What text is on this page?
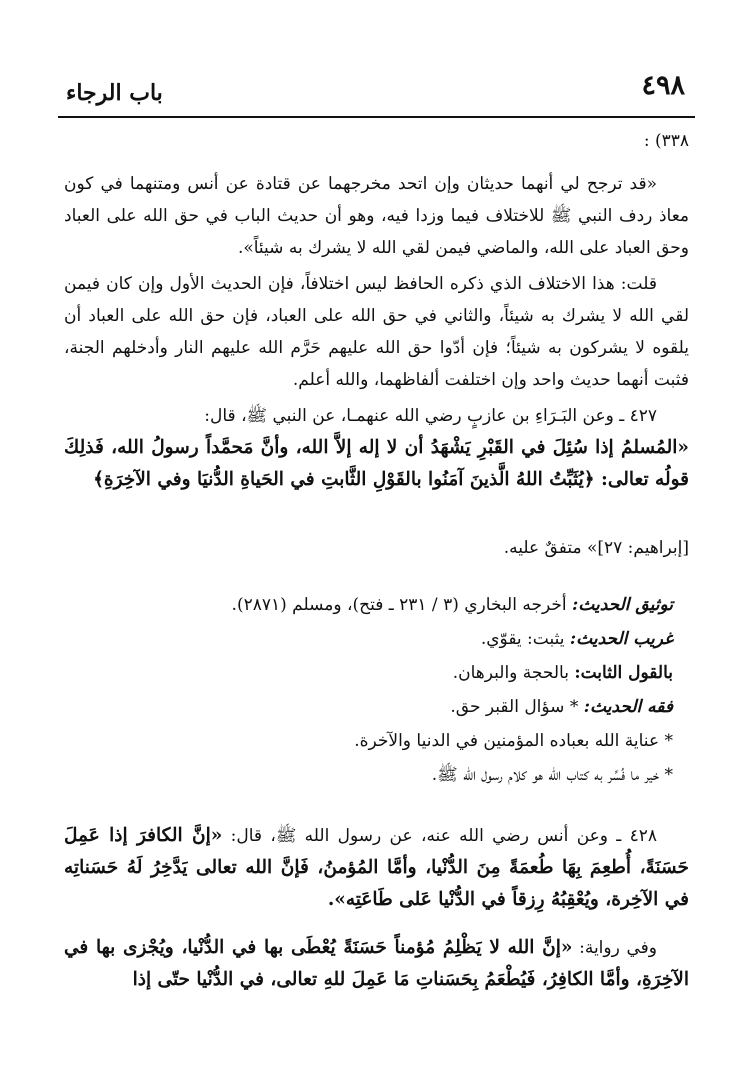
٤٩٨
باب الرجاء
٣٣٨) :
«قد ترجح لي أنهما حديثان وإن اتحد مخرجهما عن قتادة عن أنس ومتنهما في كون معاذ ردف النبي ﷺ للاختلاف فيما وزدا فيه، وهو أن حديث الباب في حق الله على العباد وحق العباد على الله، والماضي فيمن لقي الله لا يشرك به شيئاً».
قلت: هذا الاختلاف الذي ذكره الحافظ ليس اختلافاً، فإن الحديث الأول وإن كان فيمن لقي الله لا يشرك به شيئاً، والثاني في حق الله على العباد، فإن حق الله على العباد أن يلقوه لا يشركون به شيئاً؛ فإن أدّوا حق الله عليهم حَرَّم الله عليهم النار وأدخلهم الجنة، فثبت أنهما حديث واحد وإن اختلفت ألفاظهما، والله أعلم.
٤٢٧ ـ وعن البَـرَاءِ بن عازبٍ رضي الله عنهمـا، عن النبي ﷺ، قال:
«المُسلمُ إذا سُئِلَ في القَبْرِ يَشْهَدُ أن لا إله إلاَّ الله، وأنَّ مَحمَّداً رسولُ الله، فَذلِكَ قولُه تعالى: ﴿يُثَبِّتُ اللهُ الَّذينَ آمَنُوا بالقَوْلِ الثَّابتِ في الحَياةِ الدُّنيَا وفي الآخِرَةِ﴾
[إبراهيم: ٢٧]» متفقٌ عليه.
توثيق الحديث: أخرجه البخاري (٣ / ٢٣١ ـ فتح)، ومسلم (٢٨٧١).
غريب الحديث: يثبت: يقوّي.
بالقول الثابت: بالحجة والبرهان.
فقه الحديث: * سؤال القبر حق.
* عناية الله بعباده المؤمنين في الدنيا والآخرة.
* خير ما فُسِّر به كتاب الله هو كلام رسول الله ﷺ.
٤٢٨ ـ وعن أنس رضي الله عنه، عن رسول الله ﷺ، قال: «إنَّ الكافرَ إذا عَمِلَ حَسَنَةً، أُطعِمَ بِهَا طُعمَةً مِنَ الدُّنْيا، وأمَّا المُؤمنُ، فَإنَّ الله تعالى يَدَّخِرُ لَهُ حَسَناتِه في الآخِرة، ويُعْقِبُهُ رِزقاً في الدُّنْيا عَلى طَاعَتِه».
وفي رواية: «إنَّ الله لا يَظْلِمُ مُؤمناً حَسَنَةً يُعْطَى بها في الدُّنْيا، ويُجْزى بها في الآخِرَةِ، وأمَّا الكافِرُ، فَيُطْعَمُ بِحَسَناتِ مَا عَمِلَ للهِ تعالى، في الدُّنْيا حتّى إذا
